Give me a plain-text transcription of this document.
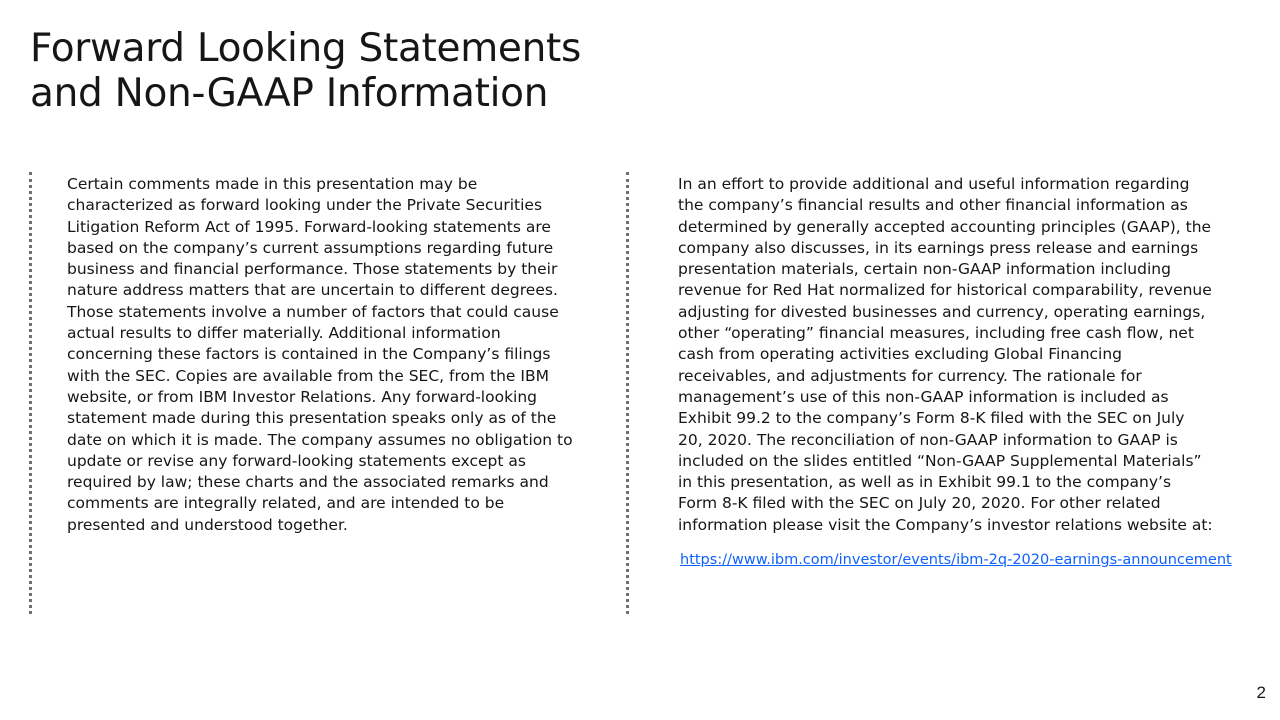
Forward Looking Statements
and Non-GAAP Information
Certain comments made in this presentation may be
characterized as forward looking under the Private Securities
Litigation Reform Act of 1995. Forward-looking statements are
based on the company’s current assumptions regarding future
business and financial performance. Those statements by their
nature address matters that are uncertain to different degrees.
Those statements involve a number of factors that could cause
actual results to differ materially. Additional information
concerning these factors is contained in the Company’s filings
with the SEC. Copies are available from the SEC, from the IBM
website, or from IBM Investor Relations. Any forward-looking
statement made during this presentation speaks only as of the
date on which it is made. The company assumes no obligation to
update or revise any forward-looking statements except as
required by law; these charts and the associated remarks and
comments are integrally related, and are intended to be
presented and understood together.
In an effort to provide additional and useful information regarding
the company’s financial results and other financial information as
determined by generally accepted accounting principles (GAAP), the
company also discusses, in its earnings press release and earnings
presentation materials, certain non-GAAP information including
revenue for Red Hat normalized for historical comparability, revenue
adjusting for divested businesses and currency, operating earnings,
other “operating” financial measures, including free cash flow, net
cash from operating activities excluding Global Financing
receivables, and adjustments for currency. The rationale for
management’s use of this non-GAAP information is included as
Exhibit 99.2 to the company’s Form 8-K filed with the SEC on July
20, 2020. The reconciliation of non-GAAP information to GAAP is
included on the slides entitled “Non-GAAP Supplemental Materials”
in this presentation, as well as in Exhibit 99.1 to the company’s
Form 8-K filed with the SEC on July 20, 2020. For other related
information please visit the Company’s investor relations website at:
https://www.ibm.com/investor/events/ibm-2q-2020-earnings-announcement
2
